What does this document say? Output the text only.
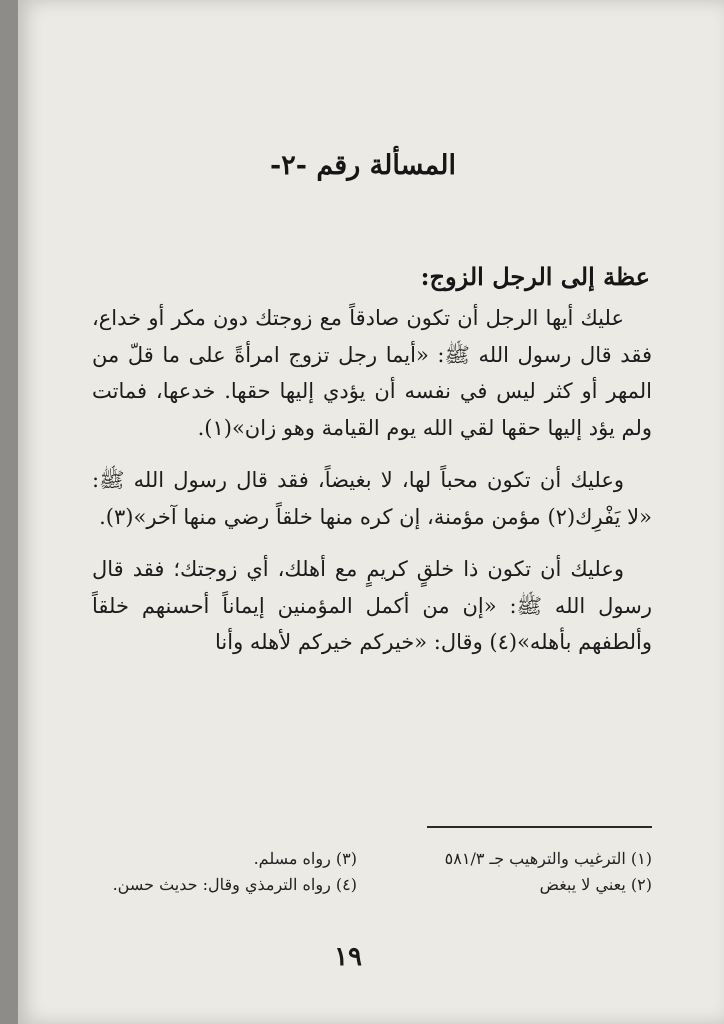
المسألة رقم -٢-
عظة إلى الرجل الزوج:

عليك أيها الرجل أن تكون صادقاً مع زوجتك دون مكر أو خداع، فقد قال رسول الله ﷺ: «أيما رجل تزوج امرأةً على ما قلّ من المهر أو كثر ليس في نفسه أن يؤدي إليها حقها. خدعها، فماتت ولم يؤد إليها حقها لقي الله يوم القيامة وهو زان»(١).

وعليك أن تكون محباً لها، لا بغيضاً، فقد قال رسول الله ﷺ: «لا يَفْرِك(٢) مؤمن مؤمنة، إن كره منها خلقاً رضي منها آخر»(٣).

وعليك أن تكون ذا خلقٍ كريمٍ مع أهلك، أي زوجتك؛ فقد قال رسول الله ﷺ: «إن من أكمل المؤمنين إيماناً أحسنهم خلقاً وألطفهم بأهله»(٤) وقال: «خيركم خيركم لأهله وأنا

(١) الترغيب والترهيب جـ ٥٨١/٣
(٣) رواه مسلم.
(٢) يعني لا يبغض
(٤) رواه الترمذي وقال: حديث حسن.
١٩
